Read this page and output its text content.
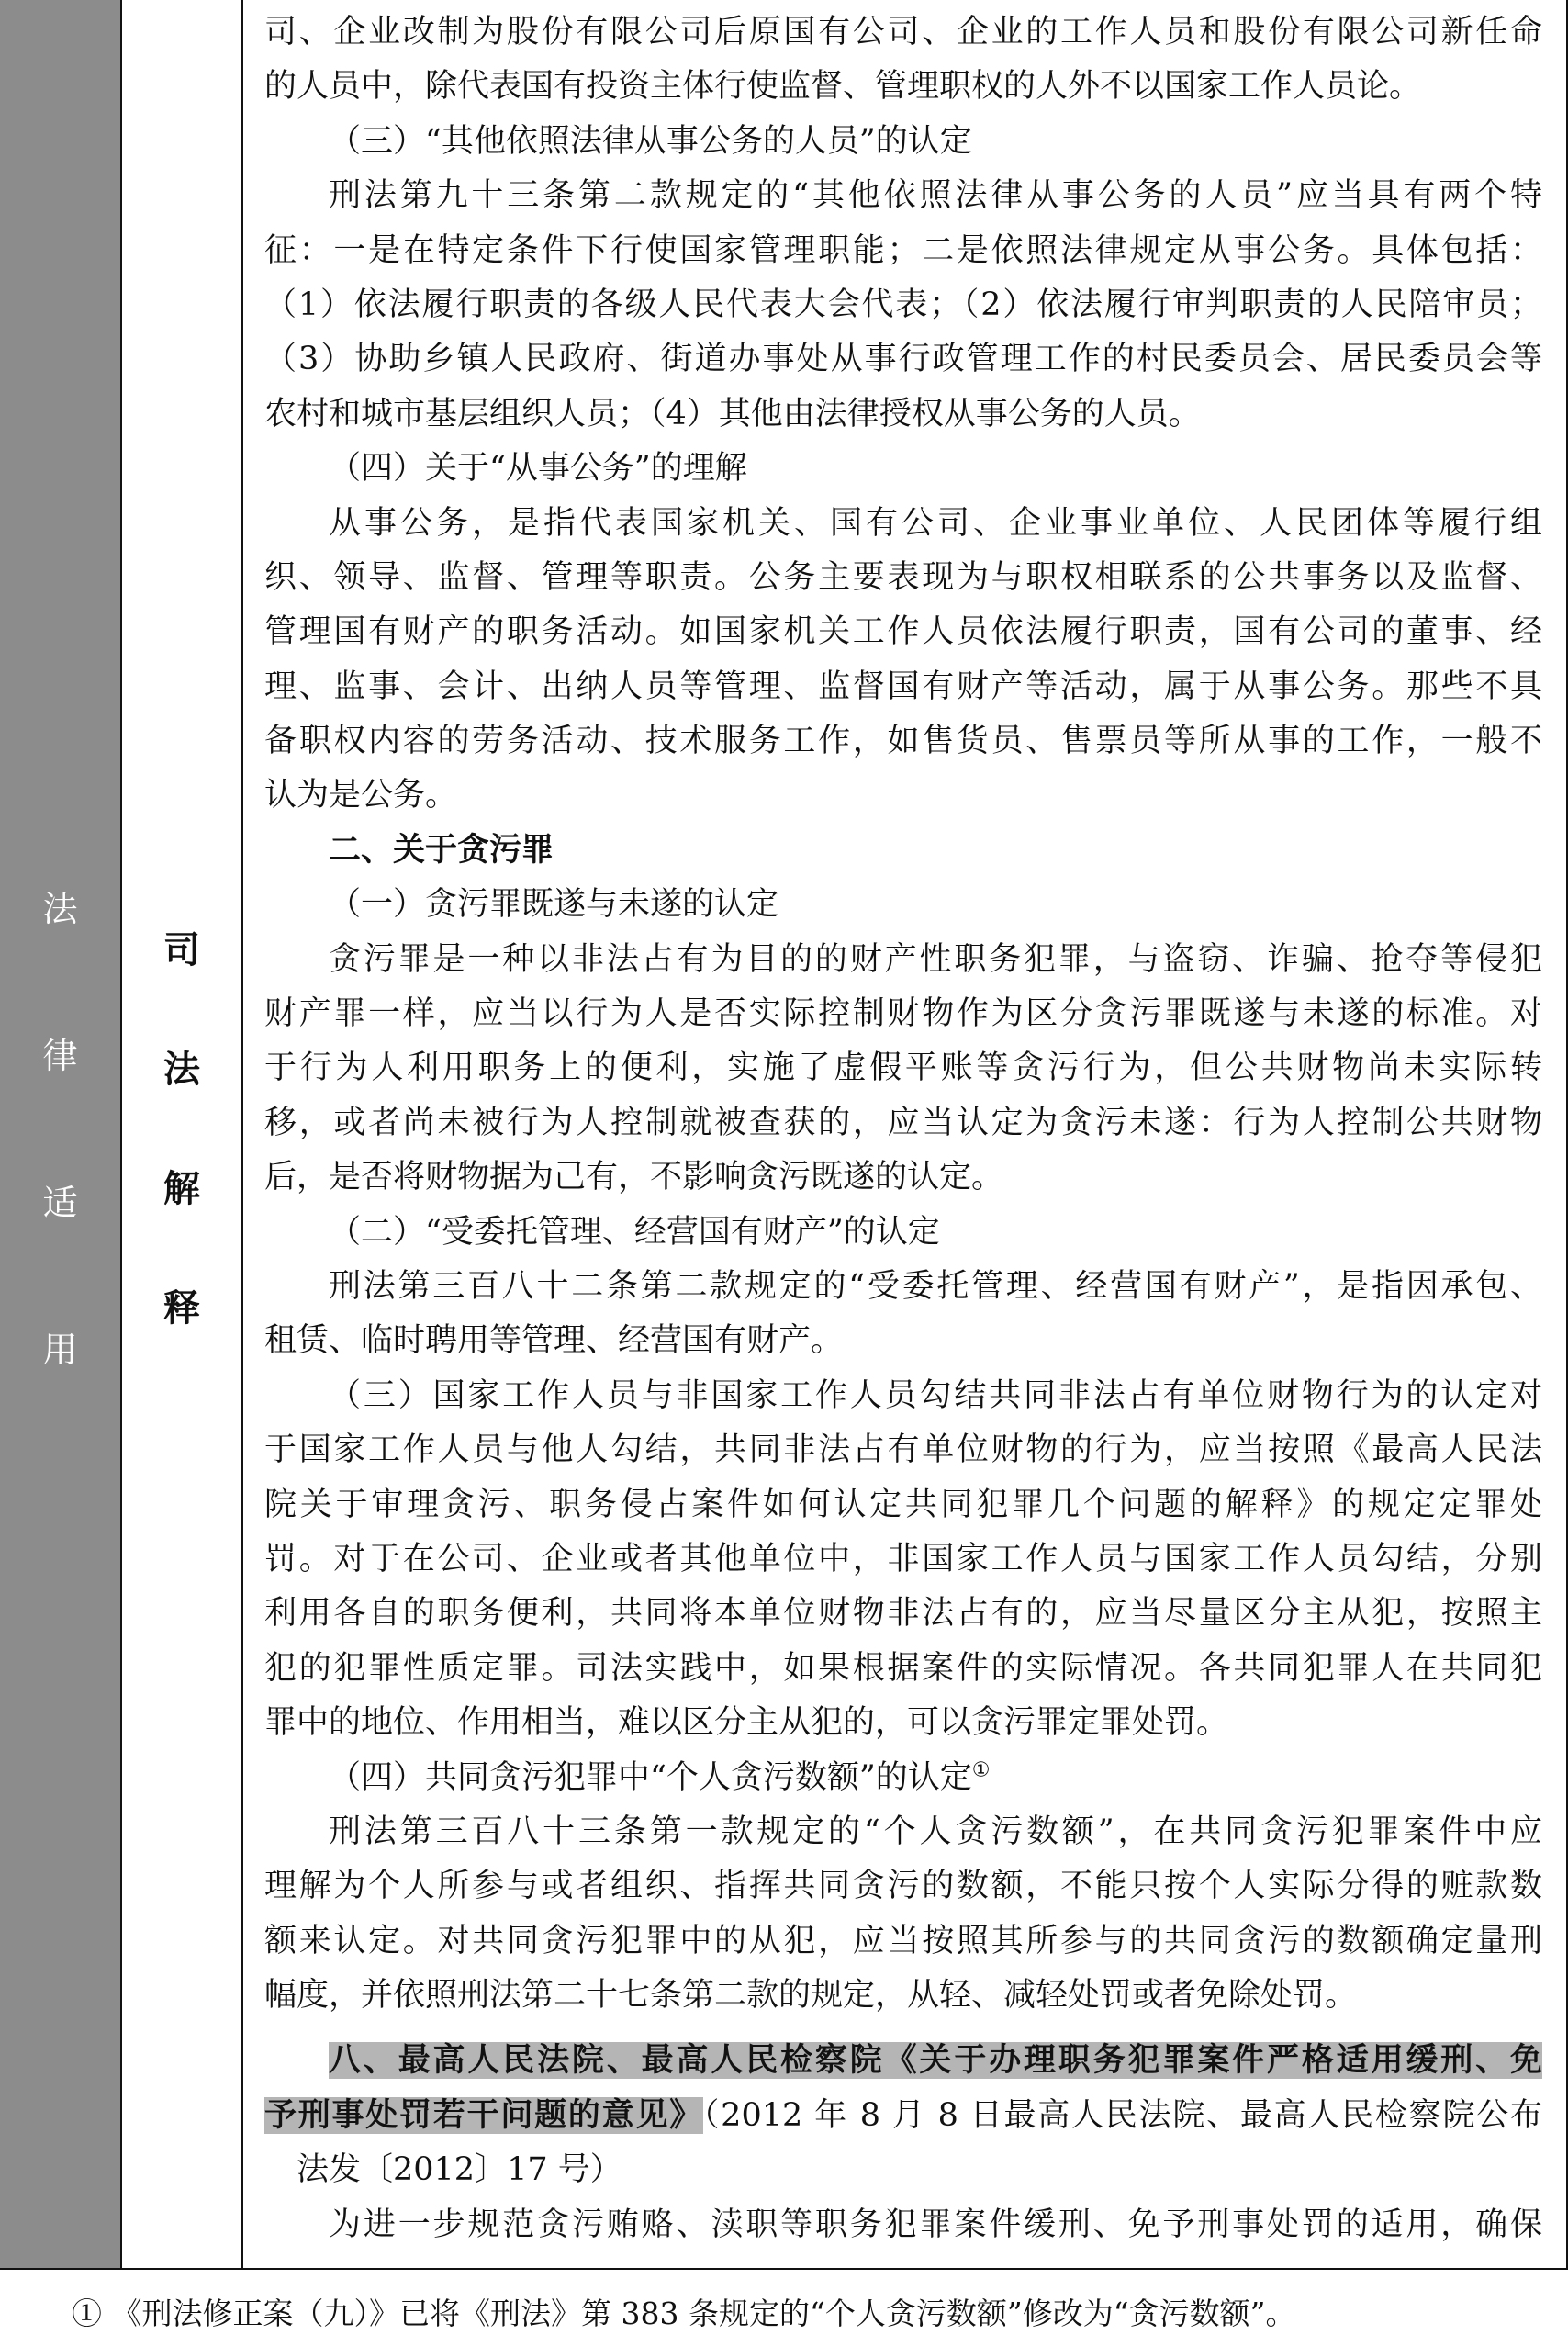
法
律
适
用
司
法
解
释
司、企业改制为股份有限公司后原国有公司、企业的工作人员和股份有限公司新任命
的人员中，除代表国有投资主体行使监督、管理职权的人外不以国家工作人员论。
（三）“其他依照法律从事公务的人员”的认定
刑法第九十三条第二款规定的“其他依照法律从事公务的人员”应当具有两个特
征：一是在特定条件下行使国家管理职能；二是依照法律规定从事公务。具体包括：
（1）依法履行职责的各级人民代表大会代表；（2）依法履行审判职责的人民陪审员；
（3）协助乡镇人民政府、街道办事处从事行政管理工作的村民委员会、居民委员会等
农村和城市基层组织人员；（4）其他由法律授权从事公务的人员。
（四）关于“从事公务”的理解
从事公务，是指代表国家机关、国有公司、企业事业单位、人民团体等履行组
织、领导、监督、管理等职责。公务主要表现为与职权相联系的公共事务以及监督、
管理国有财产的职务活动。如国家机关工作人员依法履行职责，国有公司的董事、经
理、监事、会计、出纳人员等管理、监督国有财产等活动，属于从事公务。那些不具
备职权内容的劳务活动、技术服务工作，如售货员、售票员等所从事的工作，一般不
认为是公务。
二、关于贪污罪
（一）贪污罪既遂与未遂的认定
贪污罪是一种以非法占有为目的的财产性职务犯罪，与盗窃、诈骗、抢夺等侵犯
财产罪一样，应当以行为人是否实际控制财物作为区分贪污罪既遂与未遂的标准。对
于行为人利用职务上的便利，实施了虚假平账等贪污行为，但公共财物尚未实际转
移，或者尚未被行为人控制就被查获的，应当认定为贪污未遂：行为人控制公共财物
后，是否将财物据为己有，不影响贪污既遂的认定。
（二）“受委托管理、经营国有财产”的认定
刑法第三百八十二条第二款规定的“受委托管理、经营国有财产”，是指因承包、
租赁、临时聘用等管理、经营国有财产。
（三）国家工作人员与非国家工作人员勾结共同非法占有单位财物行为的认定对
于国家工作人员与他人勾结，共同非法占有单位财物的行为，应当按照《最高人民法
院关于审理贪污、职务侵占案件如何认定共同犯罪几个问题的解释》的规定定罪处
罚。对于在公司、企业或者其他单位中，非国家工作人员与国家工作人员勾结，分别
利用各自的职务便利，共同将本单位财物非法占有的，应当尽量区分主从犯，按照主
犯的犯罪性质定罪。司法实践中，如果根据案件的实际情况。各共同犯罪人在共同犯
罪中的地位、作用相当，难以区分主从犯的，可以贪污罪定罪处罚。
（四）共同贪污犯罪中“个人贪污数额”的认定①
刑法第三百八十三条第一款规定的“个人贪污数额”，在共同贪污犯罪案件中应
理解为个人所参与或者组织、指挥共同贪污的数额，不能只按个人实际分得的赃款数
额来认定。对共同贪污犯罪中的从犯，应当按照其所参与的共同贪污的数额确定量刑
幅度，并依照刑法第二十七条第二款的规定，从轻、减轻处罚或者免除处罚。
八、最高人民法院、最高人民检察院《关于办理职务犯罪案件严格适用缓刑、免
予刑事处罚若干问题的意见》（2012 年 8 月 8 日最高人民法院、最高人民检察院公布
法发〔2012〕17 号）
为进一步规范贪污贿赂、渎职等职务犯罪案件缓刑、免予刑事处罚的适用，确保
① 《刑法修正案（九）》已将《刑法》第 383 条规定的“个人贪污数额”修改为“贪污数额”。
